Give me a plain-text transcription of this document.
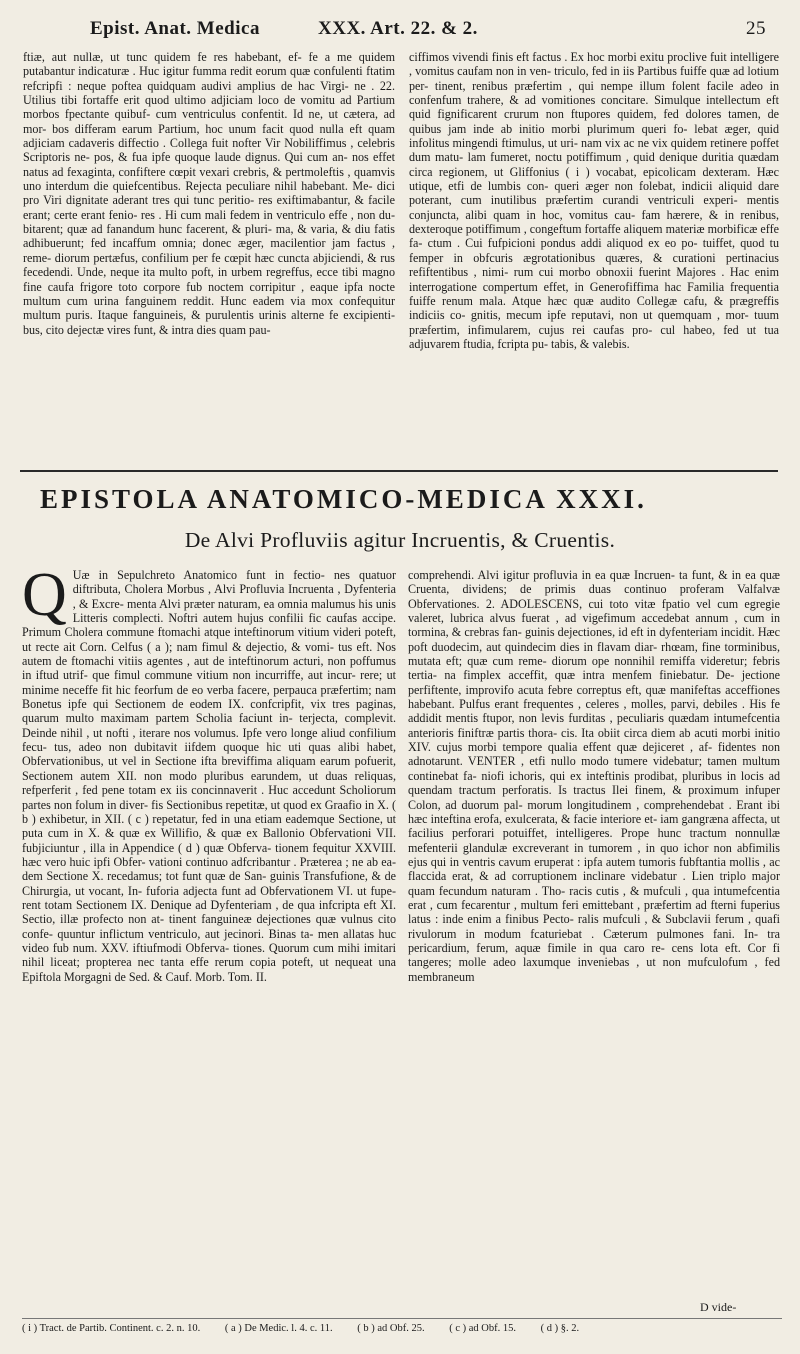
Epist. Anat. Medica	XXX. Art. 22. & 2.	25

ftiæ, aut nullæ, ut tunc quidem fe res habebant, ef- fe a me quidem putabantur indicaturæ . Huc igitur fumma redit eorum quæ confulenti ftatim refcripfi : neque poftea quidquam audivi amplius de hac Virgi- ne . 22. Utilius tibi fortaffe erit quod ultimo adjiciam loco de vomitu ad Partium morbos fpectante quibuf- cum ventriculus confentit. Id ne, ut cætera, ad mor- bos differam earum Partium, hoc unum facit quod nulla eft quam adjiciam cadaveris diffectio . Collega fuit nofter Vir Nobiliffimus , celebris Scriptoris ne- pos, & fua ipfe quoque laude dignus. Qui cum an- nos effet natus ad fexaginta, confiftere cœpit vexari crebris, & pertmoleftis , quamvis uno interdum die quiefcentibus. Rejecta peculiare nihil habebant. Me- dici pro Viri dignitate aderant tres qui tunc peritio- res exiftimabantur, & facile erant; certe erant fenio- res . Hi cum mali fedem in ventriculo effe , non du- bitarent; quæ ad fanandum hunc facerent, & pluri- ma, & varia, & diu fatis adhibuerunt; fed incaffum omnia; donec æger, macilentior jam factus , reme- diorum pertæfus, confilium per fe cœpit hæc cuncta abjiciendi, & rus fecedendi. Unde, neque ita multo poft, in urbem regreffus, ecce tibi magno fine caufa frigore toto corpore fub noctem corripitur , eaque ipfa nocte multum cum urina fanguinem reddit. Hunc eadem via mox confequitur multum puris. Itaque fanguineis, & purulentis urinis alterne fe excipienti- bus, cito dejectæ vires funt, & intra dies quam pau-

ciffimos vivendi finis eft factus . Ex hoc morbi exitu proclive fuit intelligere , vomitus caufam non in ven- triculo, fed in iis Partibus fuiffe quæ ad lotium per- tinent, renibus præfertim , qui nempe illum folent facile adeo in confenfum trahere, & ad vomitiones concitare. Simulque intellectum eft quid fignificarent crurum non ftupores quidem, fed dolores tamen, de quibus jam inde ab initio morbi plurimum queri fo- lebat æger, quid infolitus mingendi ftimulus, ut uri- nam vix ac ne vix quidem retinere poffet dum matu- lam fumeret, noctu potiffimum , quid denique duritia quædam circa regionem, ut Gliffonius ( i ) vocabat, epicolicam dexteram. Hæc utique, etfi de lumbis con- queri æger non folebat, indicii aliquid dare poterant, cum inutilibus præfertim curandi ventriculi experi- mentis conjuncta, alibi quam in hoc, vomitus cau- fam hærere, & in renibus, dexteroque potiffimum , congeftum fortaffe aliquem materiæ morbificæ effe fa- ctum . Cui fufpicioni pondus addi aliquod ex eo po- tuiffet, quod tu femper in obfcuris ægrotationibus quæres, & curationi pertinacius refiftentibus , nimi- rum cui morbo obnoxii fuerint Majores . Hac enim interrogatione compertum effet, in Generofiffima hac Familia frequentia fuiffe renum mala. Atque hæc quæ audito Collegæ cafu, & prægreffis indiciis co- gnitis, mecum ipfe reputavi, non ut quemquam , mor- tuum præfertim, infimularem, cujus rei caufas pro- cul habeo, fed ut tua adjuvarem ftudia, fcripta pu- tabis, & valebis.

EPISTOLA ANATOMICO-MEDICA XXXI.
De Alvi Profluviis agitur Incruentis, & Cruentis.
Q Uæ in Sepulchreto Anatomico funt in fectio- nes quatuor diftributa, Cholera Morbus , Alvi Profluvia Incruenta , Dyfenteria , & Excre- menta Alvi præter naturam, ea omnia malumus his unis Litteris complecti. Noftri autem hujus confilii fic caufas accipe. Primum Cholera commune ftomachi atque inteftinorum vitium videri poteft, ut recte ait Corn. Celfus ( a ); nam fimul & dejectio, & vomi- tus eft. Nos autem de ftomachi vitiis agentes , aut de inteftinorum acturi, non poffumus in iftud utrif- que fimul commune vitium non incurriffe, aut incur- rere; ut minime neceffe fit hic feorfum de eo verba facere, perpauca præfertim; nam Bonetus ipfe qui Sectionem de eodem IX. confcripfit, vix tres paginas, quarum multo maximam partem Scholia faciunt in- terjecta, complevit. Deinde nihil , ut nofti , iterare nos volumus. Ipfe vero longe aliud confilium fecu- tus, adeo non dubitavit iifdem quoque hic uti quas alibi habet, Obfervationibus, ut vel in Sectione ifta breviffima aliquam earum pofuerit, Sectionem autem XII. non modo pluribus earundem, ut duas reliquas, refperferit , fed pene totam ex iis concinnaverit . Huc accedunt Scholiorum partes non folum in diver- fis Sectionibus repetitæ, ut quod ex Graafio in X. ( b ) exhibetur, in XII. ( c ) repetatur, fed in una etiam eademque Sectione, ut puta cum in X. & quæ ex Willifio, & quæ ex Ballonio Obfervationi VII. fubjiciuntur , illa in Appendice ( d ) quæ Obferva- tionem fequitur XXVIII. hæc vero huic ipfi Obfer- vationi continuo adfcribantur . Præterea ; ne ab ea- dem Sectione X. recedamus; tot funt quæ de San- guinis Transfufione, & de Chirurgia, ut vocant, In- fuforia adjecta funt ad Obfervationem VI. ut fupe- rent totam Sectionem IX. Denique ad Dyfenteriam , de qua infcripta eft XI. Sectio, illæ profecto non at- tinent fanguineæ dejectiones quæ vulnus cito confe- quuntur inflictum ventriculo, aut jecinori. Binas ta- men allatas huc video fub num. XXV. iftiufmodi Obferva- tiones. Quorum cum mihi imitari nihil liceat; propterea nec tanta effe rerum copia poteft, ut nequeat una Epiftola Morgagni de Sed. & Cauf. Morb. Tom. II.

comprehendi. Alvi igitur profluvia in ea quæ Incruen- ta funt, & in ea quæ Cruenta, dividens; de primis duas continuo proferam Valfalvæ Obfervationes. 2. ADOLESCENS, cui toto vitæ fpatio vel cum egregie valeret, lubrica alvus fuerat , ad vigefimum accedebat annum , cum in tormina, & crebras fan- guinis dejectiones, id eft in dyfenteriam incidit. Hæc poft duodecim, aut quindecim dies in flavam diar- rhœam, fine torminibus, mutata eft; quæ cum reme- diorum ope nonnihil remiffa videretur; febris tertia- na fimplex acceffit, quæ intra menfem finiebatur. De- jectione perfiftente, improvifo acuta febre correptus eft, quæ manifeftas acceffiones habebant. Pulfus erant frequentes , celeres , molles, parvi, debiles . His fe addidit mentis ftupor, non levis furditas , peculiaris quædam intumefcentia anterioris finiftræ partis thora- cis. Ita obiit circa diem ab acuti morbi initio XIV. cujus morbi tempore qualia effent quæ dejiceret , af- fidentes non adnotarunt. VENTER , etfi nullo modo tumere videbatur; tamen multum continebat fa- niofi ichoris, qui ex inteftinis prodibat, pluribus in locis ad quendam tractum perforatis. Is tractus Ilei finem, & proximum infuper Colon, ad duorum pal- morum longitudinem , comprehendebat . Erant ibi hæc inteftina erofa, exulcerata, & facie interiore et- iam gangræna affecta, ut facilius perforari potuiffet, intelligeres. Prope hunc tractum nonnullæ mefenterii glandulæ excreverant in tumorem , in quo ichor non abfimilis ejus qui in ventris cavum eruperat : ipfa autem tumoris fubftantia mollis , ac flaccida erat, & ad corruptionem inclinare videbatur . Lien triplo major quam fecundum naturam . Tho- racis cutis , & mufculi , qua intumefcentia erat , cum fecarentur , multum feri emittebant , præfertim ad fterni fuperius latus : inde enim a finibus Pecto- ralis mufculi , & Subclavii ferum , quafi rivulorum in modum fcaturiebat . Cæterum pulmones fani. In- tra pericardium, ferum, aquæ fimile in qua caro re- cens lota eft. Cor fi tangeres; molle adeo laxumque inveniebas , ut non mufculofum , fed membraneum

D vide-
( i ) Tract. de Partib. Continent. c. 2. n. 10. ( a ) De Medic. l. 4. c. 11. ( b ) ad Obf. 25. ( c ) ad Obf. 15. ( d ) §. 2.
